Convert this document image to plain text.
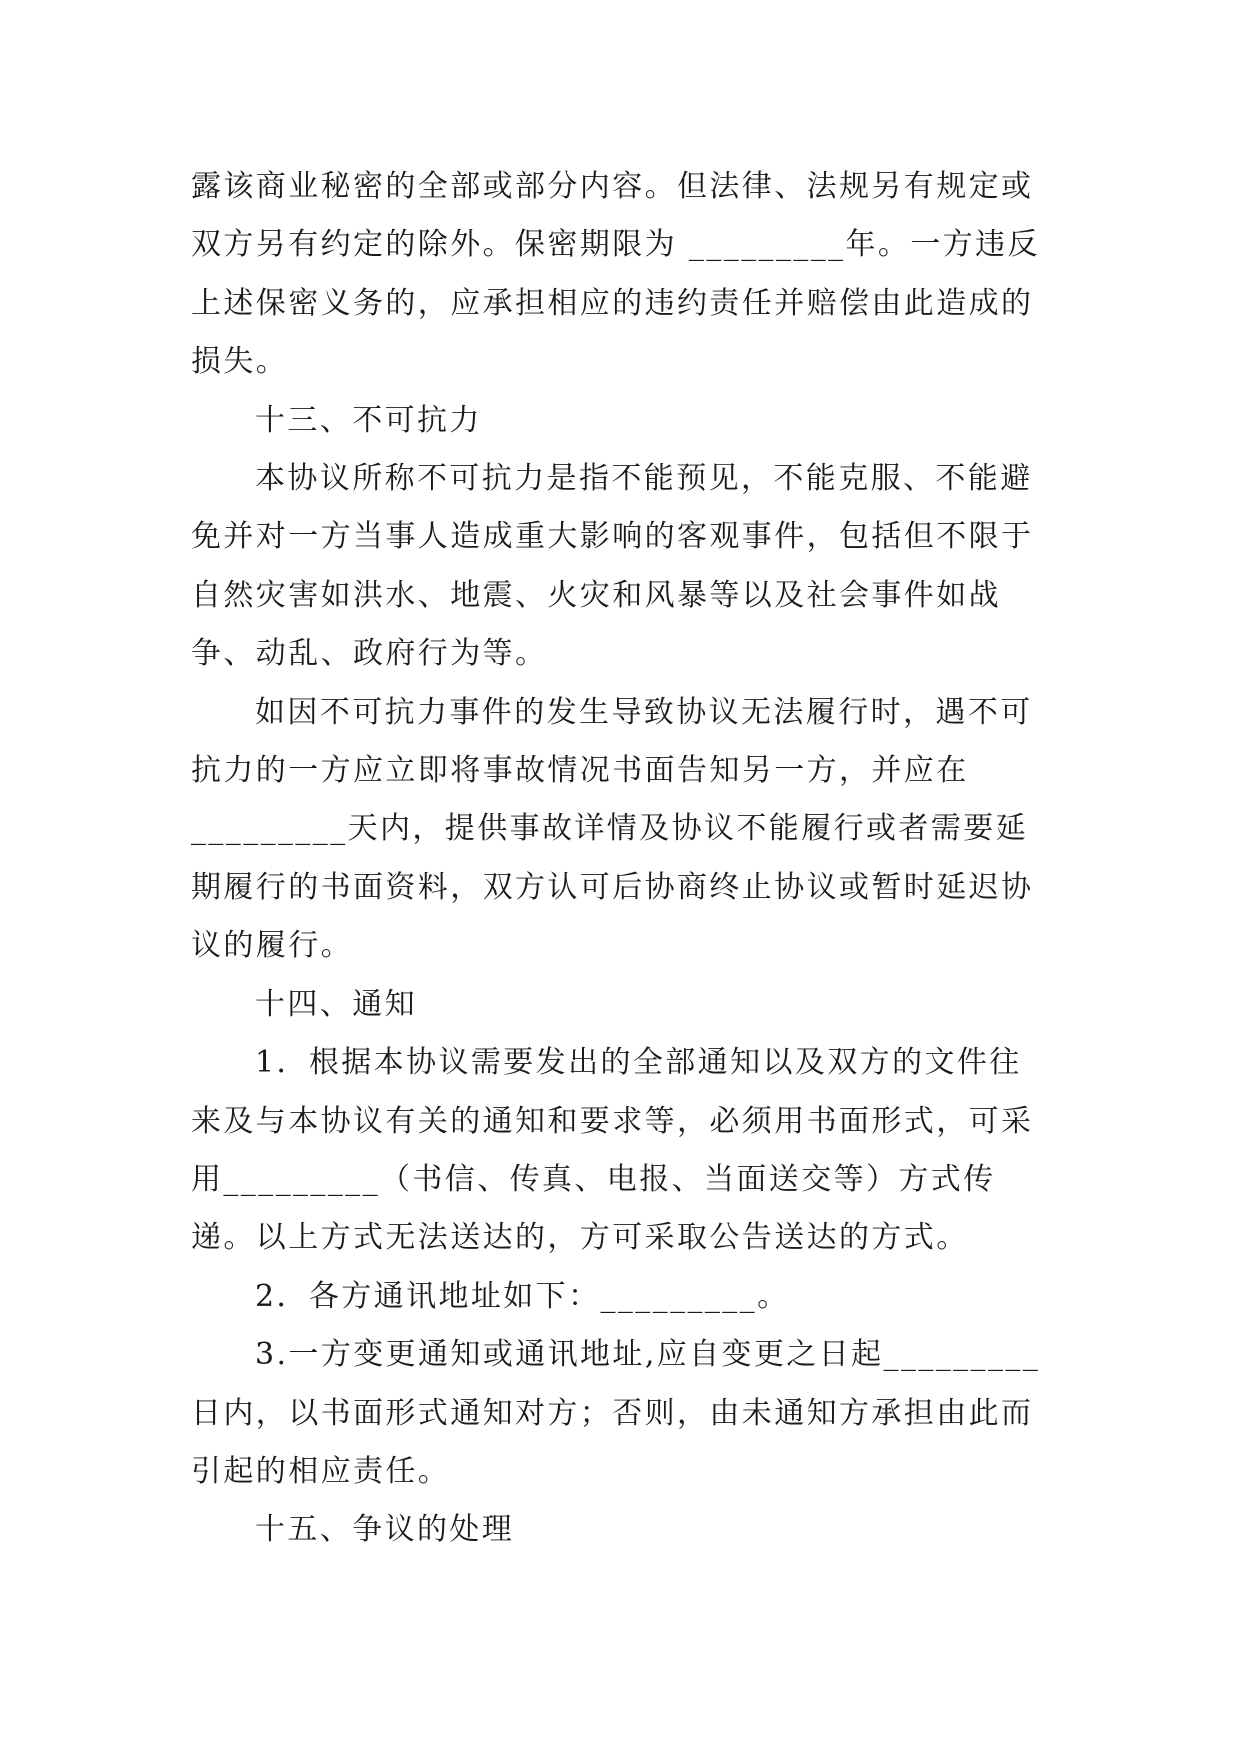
露该商业秘密的全部或部分内容。但法律、法规另有规定或双方另有约定的除外。保密期限为 _________年。一方违反上述保密义务的，应承担相应的违约责任并赔偿由此造成的损失。

十三、不可抗力

本协议所称不可抗力是指不能预见，不能克服、不能避免并对一方当事人造成重大影响的客观事件，包括但不限于自然灾害如洪水、地震、火灾和风暴等以及社会事件如战争、动乱、政府行为等。

如因不可抗力事件的发生导致协议无法履行时，遇不可抗力的一方应立即将事故情况书面告知另一方，并应在_________天内，提供事故详情及协议不能履行或者需要延期履行的书面资料，双方认可后协商终止协议或暂时延迟协议的履行。

十四、通知

1．根据本协议需要发出的全部通知以及双方的文件往来及与本协议有关的通知和要求等，必须用书面形式，可采用_________（书信、传真、电报、当面送交等）方式传递。以上方式无法送达的，方可采取公告送达的方式。

2．各方通讯地址如下：_________。

3.一方变更通知或通讯地址,应自变更之日起_________日内，以书面形式通知对方；否则，由未通知方承担由此而引起的相应责任。

十五、争议的处理
